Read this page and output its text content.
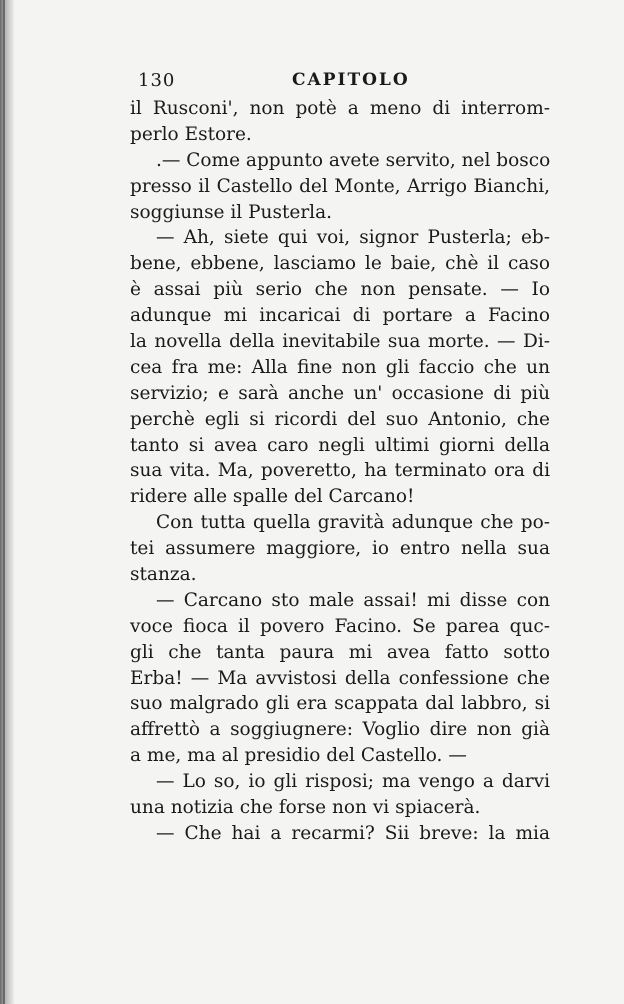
130	CAPITOLO
il Rusconi', non potè a meno di interrom-
perlo Estore.
.— Come appunto avete servito, nel bosco
presso il Castello del Monte, Arrigo Bianchi,
soggiunse il Pusterla.
— Ah, siete qui voi, signor Pusterla; eb-
bene, ebbene, lasciamo le baie, chè il caso
è assai più serio che non pensate. — Io
adunque mi incaricai di portare a Facino
la novella della inevitabile sua morte. — Di-
cea fra me: Alla fine non gli faccio che un
servizio; e sarà anche un' occasione di più
perchè egli si ricordi del suo Antonio, che
tanto si avea caro negli ultimi giorni della
sua vita. Ma, poveretto, ha terminato ora di
ridere alle spalle del Carcano!
Con tutta quella gravità adunque che po-
tei assumere maggiore, io entro nella sua
stanza.
— Carcano sto male assai! mi disse con
voce fioca il povero Facino. Se parea quc-
gli che tanta paura mi avea fatto sotto
Erba! — Ma avvistosi della confessione che
suo malgrado gli era scappata dal labbro, si
affrettò a soggiugnere: Voglio dire non già
a me, ma al presidio del Castello. —
— Lo so, io gli risposi; ma vengo a darvi
una notizia che forse non vi spiacerà.
— Che hai a recarmi? Sii breve: la mia
